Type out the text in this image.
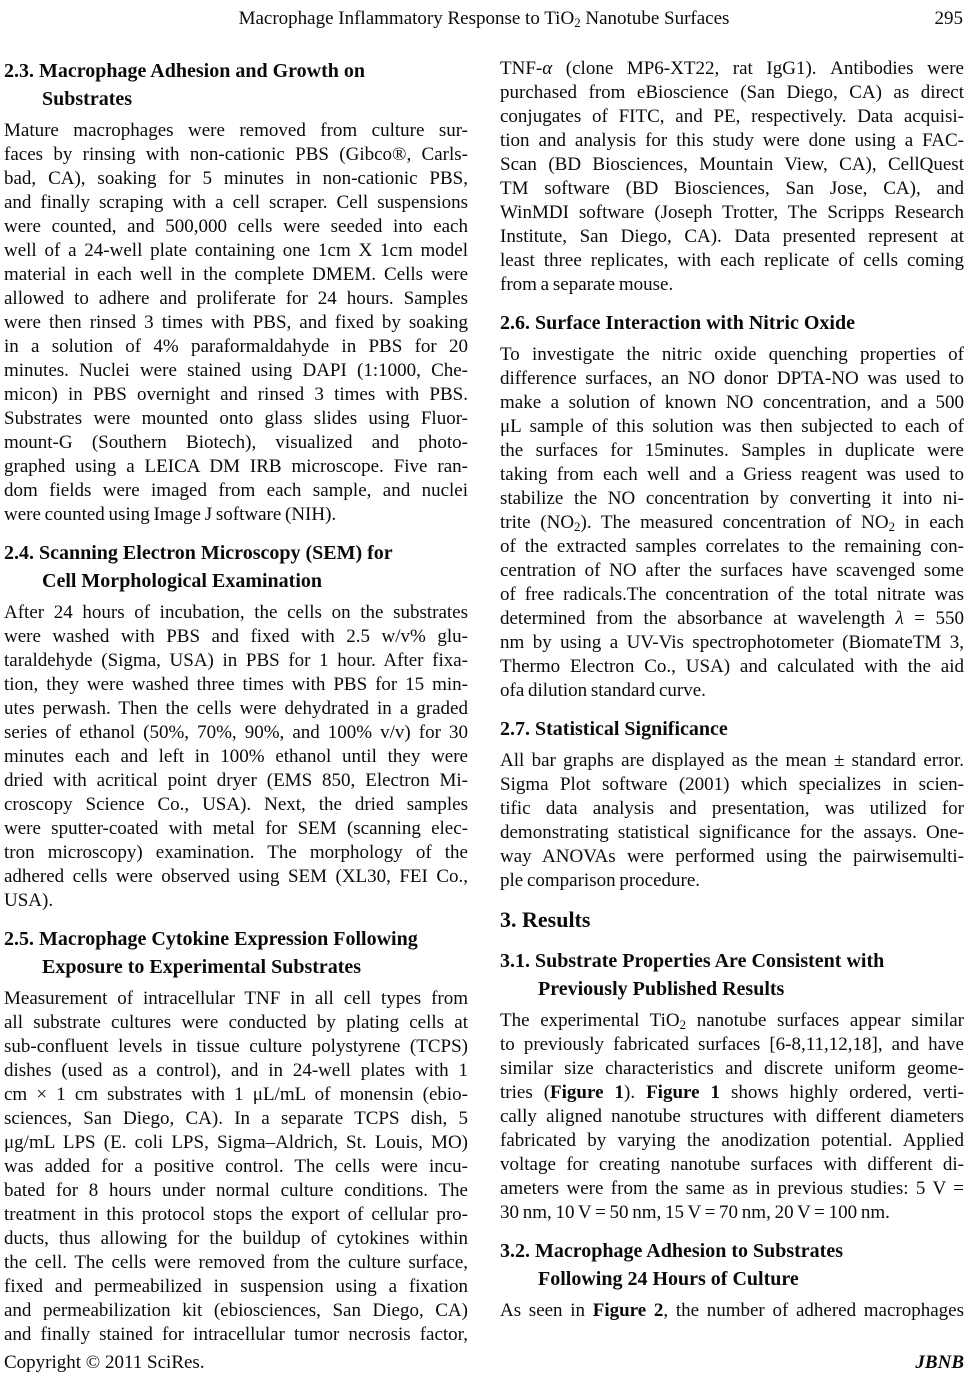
Macrophage Inflammatory Response to TiO$_2$ Nanotube Surfaces	295
2.3. Macrophage Adhesion and Growth on
Substrates
Mature macrophages were removed from culture sur-
faces by rinsing with non-cationic PBS (Gibco®, Carls-
bad, CA), soaking for 5 minutes in non-cationic PBS,
and finally scraping with a cell scraper. Cell suspensions
were counted, and 500,000 cells were seeded into each
well of a 24-well plate containing one 1cm X 1cm model
material in each well in the complete DMEM. Cells were
allowed to adhere and proliferate for 24 hours. Samples
were then rinsed 3 times with PBS, and fixed by soaking
in a solution of 4% paraformaldahyde in PBS for 20
minutes. Nuclei were stained using DAPI (1:1000, Che-
micon) in PBS overnight and rinsed 3 times with PBS.
Substrates were mounted onto glass slides using Fluor-
mount-G (Southern Biotech), visualized and photo-
graphed using a LEICA DM IRB microscope. Five ran-
dom fields were imaged from each sample, and nuclei
were counted using Image J software (NIH).
2.4. Scanning Electron Microscopy (SEM) for
Cell Morphological Examination
After 24 hours of incubation, the cells on the substrates
were washed with PBS and fixed with 2.5 w/v% glu-
taraldehyde (Sigma, USA) in PBS for 1 hour. After fixa-
tion, they were washed three times with PBS for 15 min-
utes perwash. Then the cells were dehydrated in a graded
series of ethanol (50%, 70%, 90%, and 100% v/v) for 30
minutes each and left in 100% ethanol until they were
dried with acritical point dryer (EMS 850, Electron Mi-
croscopy Science Co., USA). Next, the dried samples
were sputter-coated with metal for SEM (scanning elec-
tron microscopy) examination. The morphology of the
adhered cells were observed using SEM (XL30, FEI Co.,
USA).
2.5. Macrophage Cytokine Expression Following
Exposure to Experimental Substrates
Measurement of intracellular TNF in all cell types from
all substrate cultures were conducted by plating cells at
sub-confluent levels in tissue culture polystyrene (TCPS)
dishes (used as a control), and in 24-well plates with 1
cm × 1 cm substrates with 1 μL/mL of monensin (ebio-
sciences, San Diego, CA). In a separate TCPS dish, 5
μg/mL LPS (E. coli LPS, Sigma–Aldrich, St. Louis, MO)
was added for a positive control. The cells were incu-
bated for 8 hours under normal culture conditions. The
treatment in this protocol stops the export of cellular pro-
ducts, thus allowing for the buildup of cytokines within
the cell. The cells were removed from the culture surface,
fixed and permeabilized in suspension using a fixation
and permeabilization kit (ebiosciences, San Diego, CA)
and finally stained for intracellular tumor necrosis factor,
TNF-α (clone MP6-XT22, rat IgG1). Antibodies were
purchased from eBioscience (San Diego, CA) as direct
conjugates of FITC, and PE, respectively. Data acquisi-
tion and analysis for this study were done using a FAC-
Scan (BD Biosciences, Mountain View, CA), CellQuest
TM software (BD Biosciences, San Jose, CA), and
WinMDI software (Joseph Trotter, The Scripps Research
Institute, San Diego, CA). Data presented represent at
least three replicates, with each replicate of cells coming
from a separate mouse.
2.6. Surface Interaction with Nitric Oxide
To investigate the nitric oxide quenching properties of
difference surfaces, an NO donor DPTA-NO was used to
make a solution of known NO concentration, and a 500
μL sample of this solution was then subjected to each of
the surfaces for 15minutes. Samples in duplicate were
taking from each well and a Griess reagent was used to
stabilize the NO concentration by converting it into ni-
trite $(NO_2)$. The measured concentration of $NO_2$ in each
of the extracted samples correlates to the remaining con-
centration of NO after the surfaces have scavenged some
of free radicals.The concentration of the total nitrate was
determined from the absorbance at wavelength λ = 550
nm by using a UV-Vis spectrophotometer (BiomateTM 3,
Thermo Electron Co., USA) and calculated with the aid
ofa dilution standard curve.
2.7. Statistical Significance
All bar graphs are displayed as the mean ± standard error.
Sigma Plot software (2001) which specializes in scien-
tific data analysis and presentation, was utilized for
demonstrating statistical significance for the assays. One-
way ANOVAs were performed using the pairwisemulti-
ple comparison procedure.
3. Results
3.1. Substrate Properties Are Consistent with
Previously Published Results
The experimental TiO$_2$ nanotube surfaces appear similar
to previously fabricated surfaces [6-8,11,12,18], and have
similar size characteristics and discrete uniform geome-
tries (Figure 1). Figure 1 shows highly ordered, verti-
cally aligned nanotube structures with different diameters
fabricated by varying the anodization potential. Applied
voltage for creating nanotube surfaces with different di-
ameters were from the same as in previous studies: 5 V =
30 nm, 10 V = 50 nm, 15 V = 70 nm, 20 V = 100 nm.
3.2. Macrophage Adhesion to Substrates
Following 24 Hours of Culture
As seen in Figure 2, the number of adhered macrophages
Copyright © 2011 SciRes.	JBNB
